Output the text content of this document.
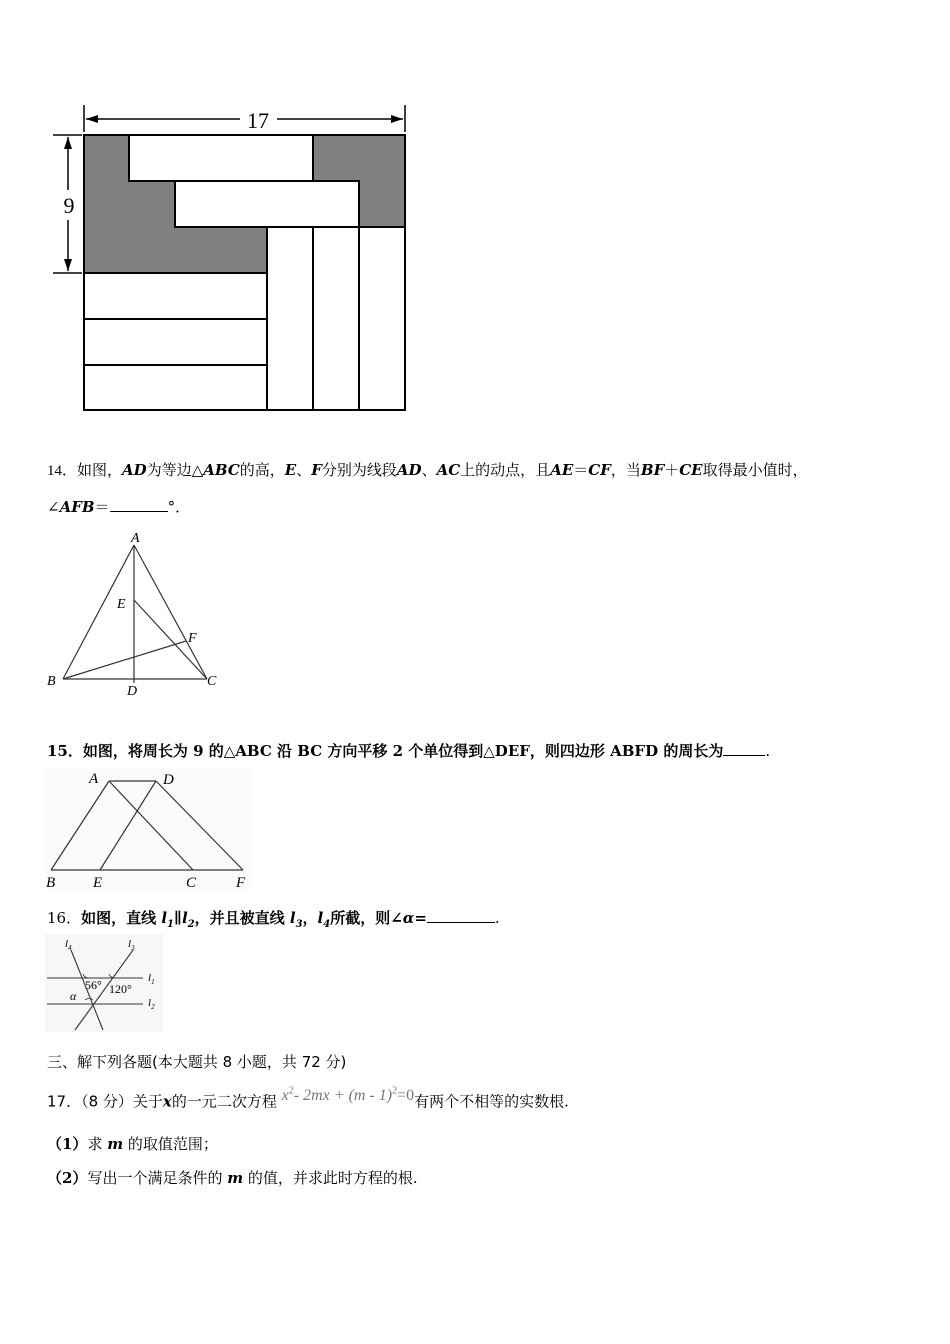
17
9
14．如图，AD为等边△ABC的高，E、F分别为线段AD、AC上的动点，且AE＝CF，当BF＋CE取得最小值时，
∠AFB＝	°．
A
E
F
B	C
D
15．如图，将周长为 9 的△ABC 沿 BC 方向平移 2 个单位得到△DEF，则四边形 ABFD 的周长为	.
A	D
B	E	C	F
16．如图，直线 $l_1\parallel l_2$，并且被直线 $l_3$，$l_4$所截，则∠α=	.
$l_4$	$l_3$
$l_1$
$l_2$
56° 120°
α
三、解下列各题(本大题共 8 小题，共 72 分)
17．（8 分）关于x的一元二次方程 $x^2-$ 2mx + (m - 1)$^2$=0有两个不相等的实数根.
（1）求 m 的取值范围；
（2）写出一个满足条件的 m 的值，并求此时方程的根.
